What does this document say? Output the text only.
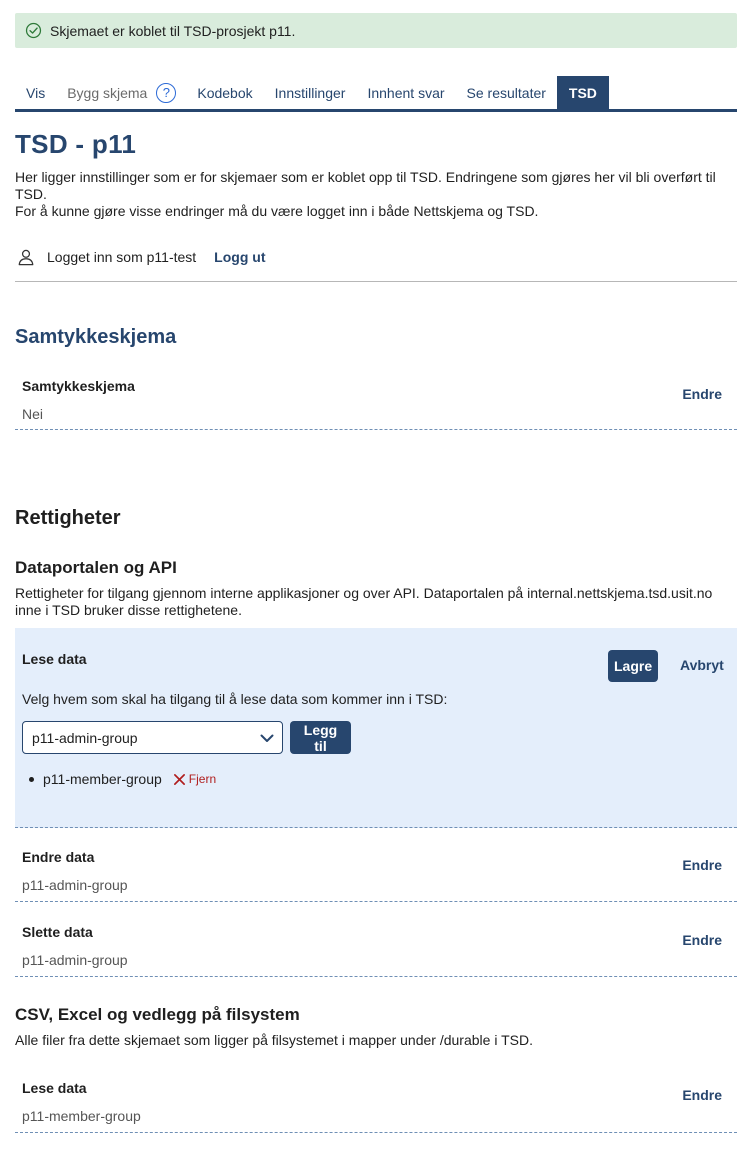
Skjemaet er koblet til TSD-prosjekt p11.
Vis	Bygg skjema	?	Kodebok	Innstillinger	Innhent svar	Se resultater	TSD
TSD - p11
Her ligger innstillinger som er for skjemaer som er koblet opp til TSD. Endringene som gjøres her vil bli overført til TSD.
For å kunne gjøre visse endringer må du være logget inn i både Nettskjema og TSD.
Logget inn som p11-test Logg ut
Samtykkeskjema
Samtykkeskjema
Nei
Endre
Rettigheter
Dataportalen og API
Rettigheter for tilgang gjennom interne applikasjoner og over API. Dataportalen på internal.nettskjema.tsd.usit.no inne i TSD bruker disse rettighetene.
Lese data	Lagre	Avbryt
Velg hvem som skal ha tilgang til å lese data som kommer inn i TSD:
p11-admin-group	Legg til
p11-member-group Fjern
Endre data
p11-admin-group
Endre
Slette data
p11-admin-group
Endre
CSV, Excel og vedlegg på filsystem
Alle filer fra dette skjemaet som ligger på filsystemet i mapper under /durable i TSD.
Lese data
p11-member-group
Endre
